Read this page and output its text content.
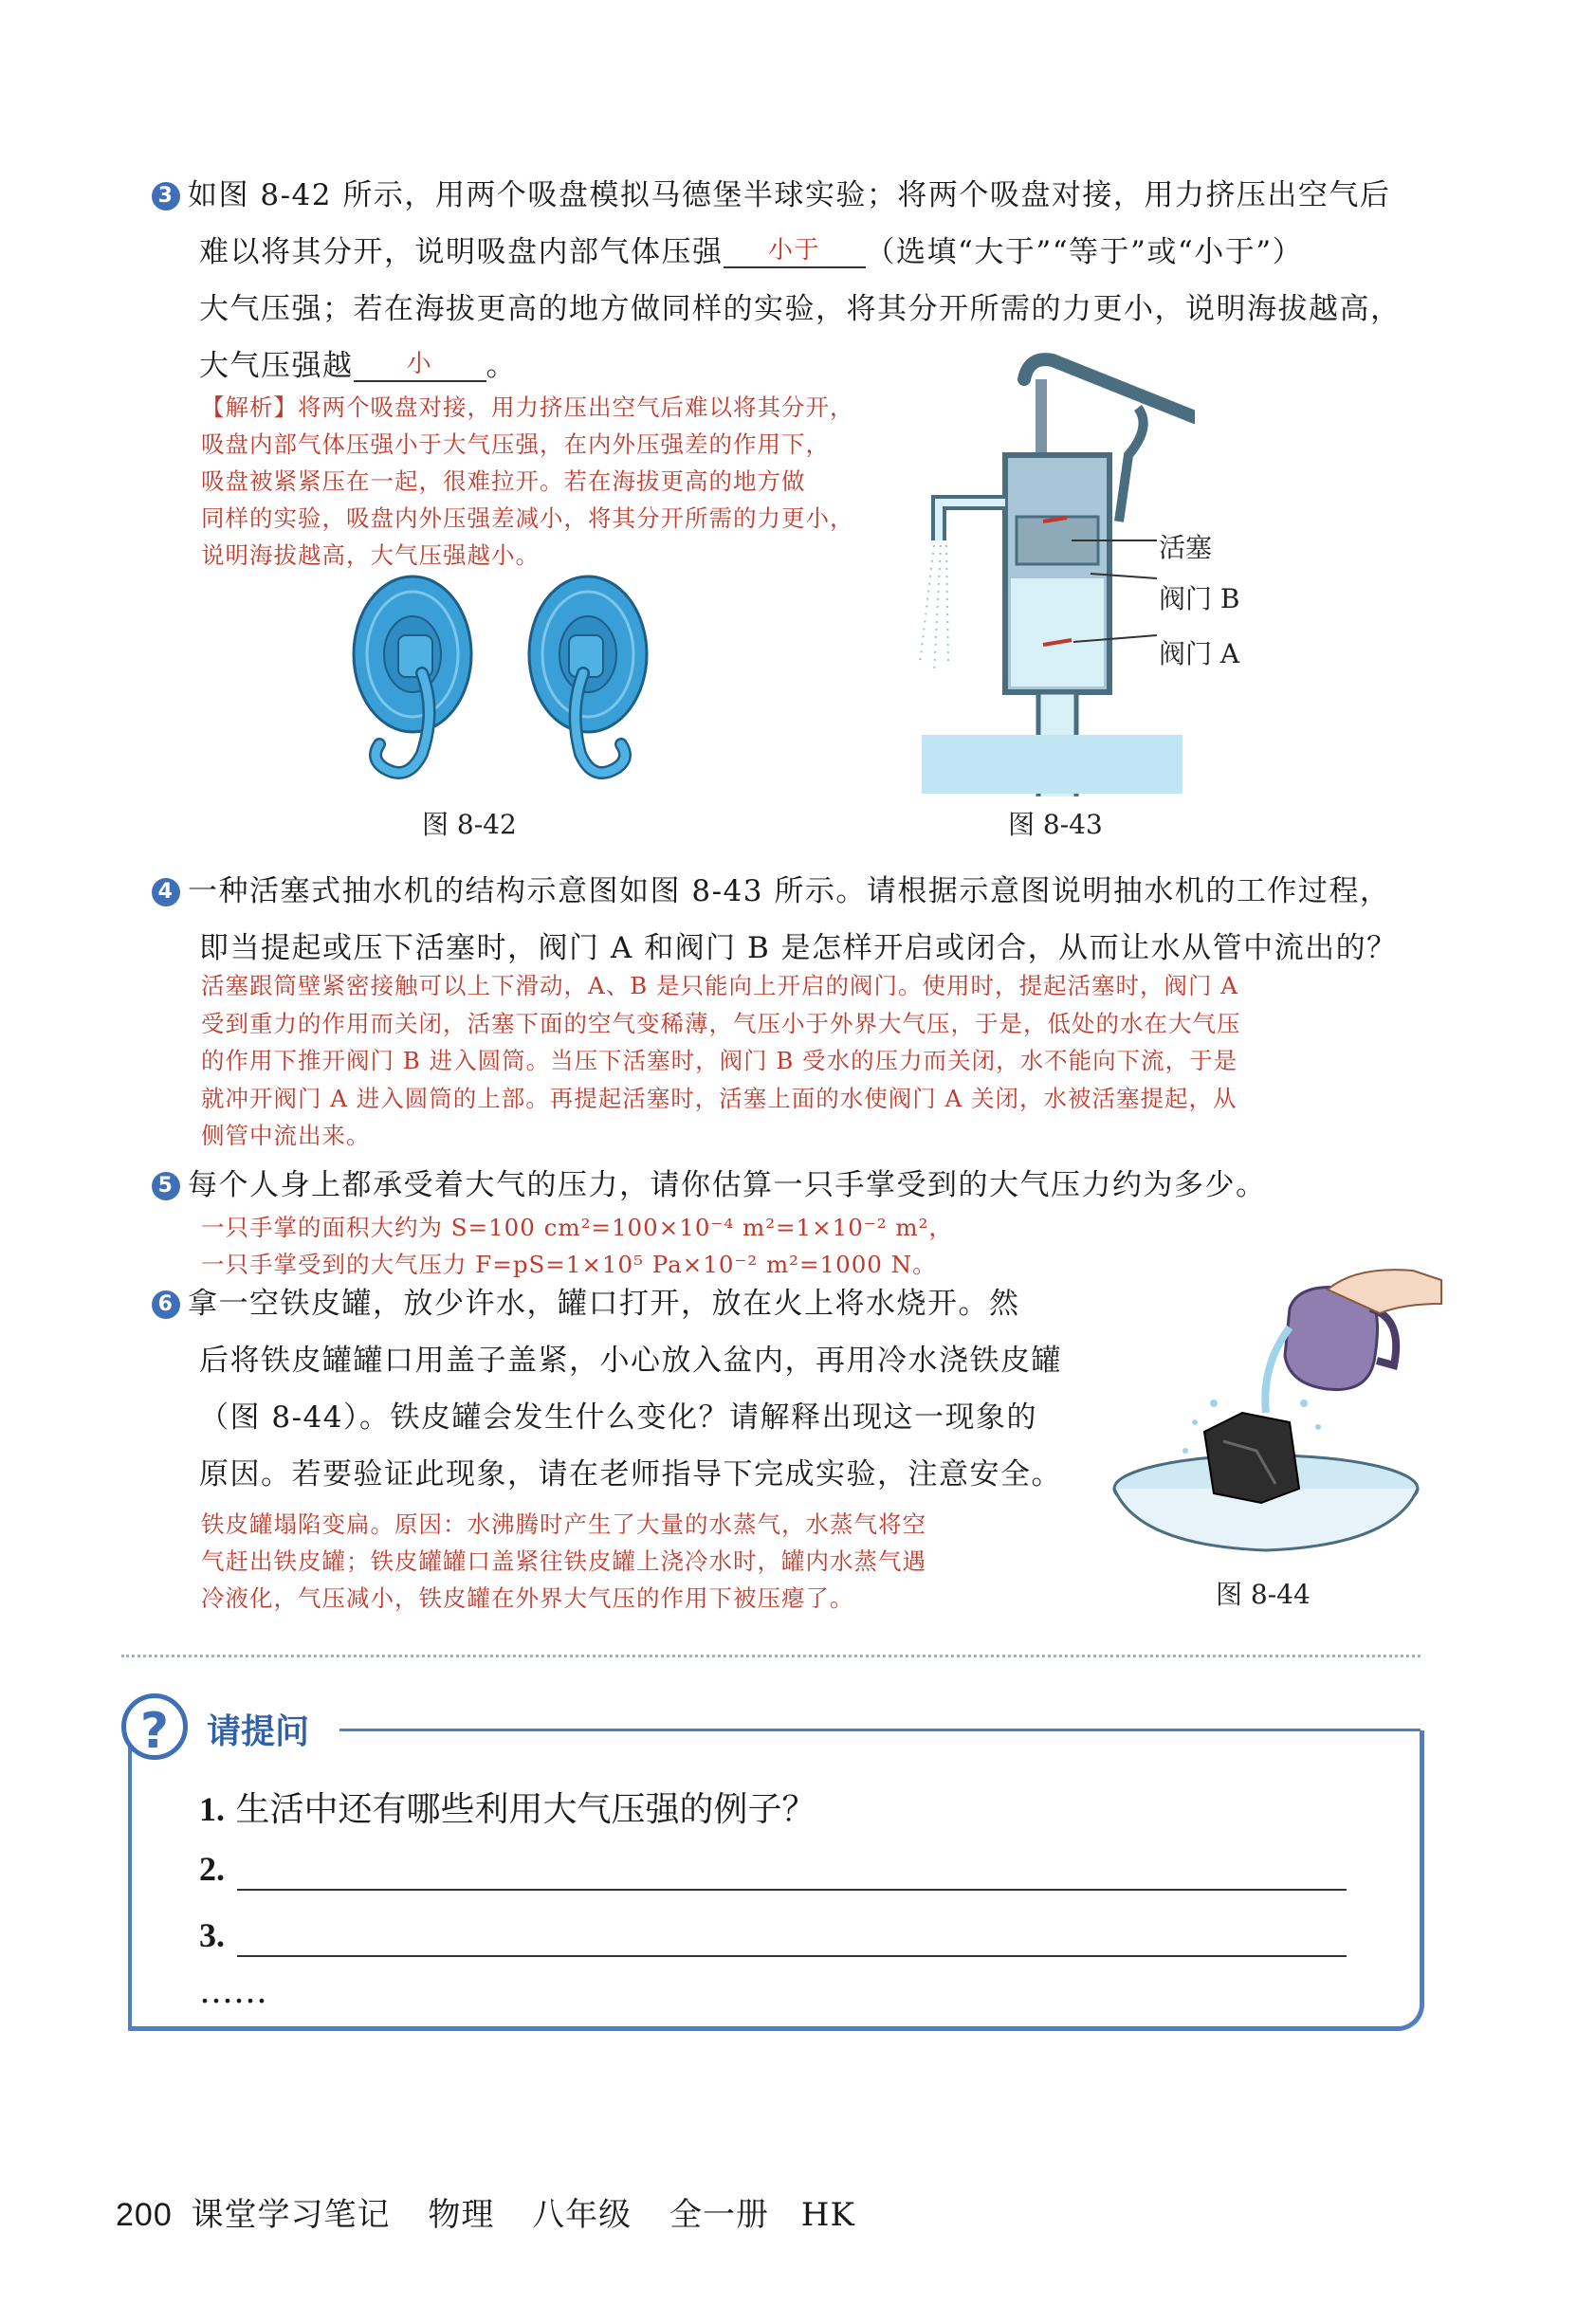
3 如图 8-42 所示，用两个吸盘模拟马德堡半球实验；将两个吸盘对接，用力挤压出空气后
难以将其分开，说明吸盘内部气体压强 小于 （选填“大于”“等于”或“小于”）
大气压强；若在海拔更高的地方做同样的实验，将其分开所需的力更小，说明海拔越高，
大气压强越 小 。
【解析】将两个吸盘对接，用力挤压出空气后难以将其分开，
吸盘内部气体压强小于大气压强，在内外压强差的作用下，
吸盘被紧紧压在一起，很难拉开。若在海拔更高的地方做
同样的实验，吸盘内外压强差减小，将其分开所需的力更小，
说明海拔越高，大气压强越小。
图 8-42
活塞
阀门 B
阀门 A
图 8-43
4 一种活塞式抽水机的结构示意图如图 8-43 所示。请根据示意图说明抽水机的工作过程，
即当提起或压下活塞时，阀门 A 和阀门 B 是怎样开启或闭合，从而让水从管中流出的？
活塞跟筒壁紧密接触可以上下滑动，A、B 是只能向上开启的阀门。使用时，提起活塞时，阀门 A
受到重力的作用而关闭，活塞下面的空气变稀薄，气压小于外界大气压，于是，低处的水在大气压
的作用下推开阀门 B 进入圆筒。当压下活塞时，阀门 B 受水的压力而关闭，水不能向下流，于是
就冲开阀门 A 进入圆筒的上部。再提起活塞时，活塞上面的水使阀门 A 关闭，水被活塞提起，从
侧管中流出来。
5 每个人身上都承受着大气的压力，请你估算一只手掌受到的大气压力约为多少。
一只手掌的面积大约为 S=100 cm²=100×10⁻⁴ m²=1×10⁻² m²，
一只手掌受到的大气压力 F=pS=1×10⁵ Pa×10⁻² m²=1000 N。
6 拿一空铁皮罐，放少许水，罐口打开，放在火上将水烧开。然
后将铁皮罐罐口用盖子盖紧，小心放入盆内，再用冷水浇铁皮罐
（图 8-44）。铁皮罐会发生什么变化？请解释出现这一现象的
原因。若要验证此现象，请在老师指导下完成实验，注意安全。
铁皮罐塌陷变扁。原因：水沸腾时产生了大量的水蒸气，水蒸气将空
气赶出铁皮罐；铁皮罐罐口盖紧往铁皮罐上浇冷水时，罐内水蒸气遇
冷液化，气压减小，铁皮罐在外界大气压的作用下被压瘪了。	图 8-44
?	请提问
1. 生活中还有哪些利用大气压强的例子？
2.
3.
……
200 课堂学习笔记 物理 八年级 全一册 HK
